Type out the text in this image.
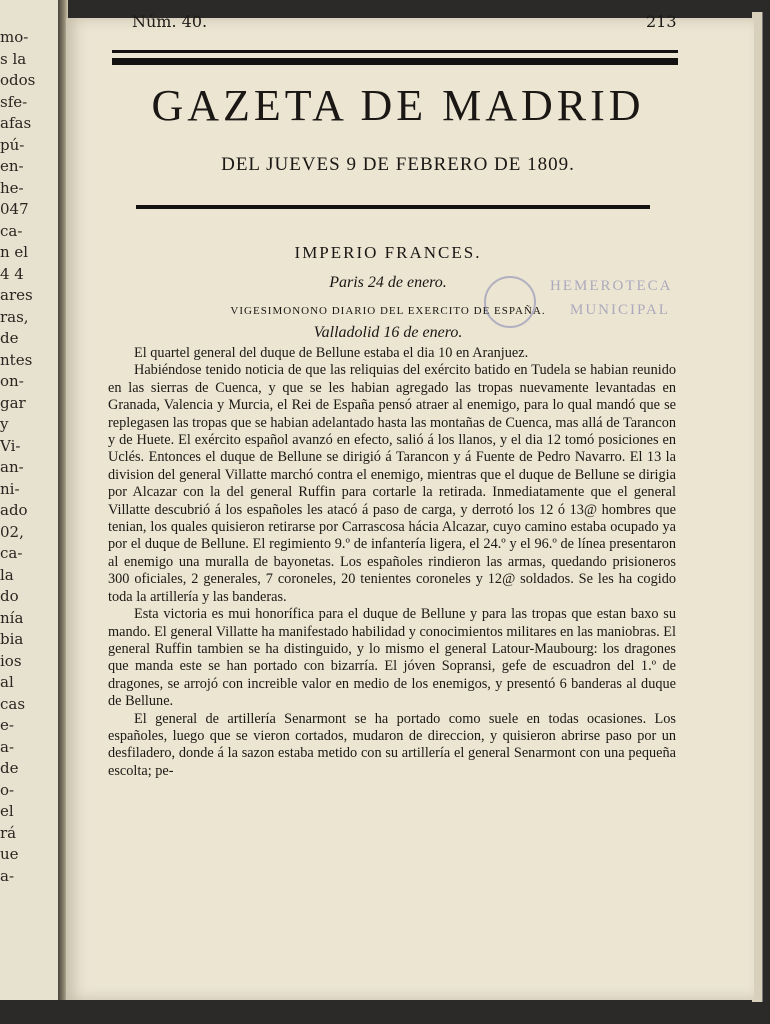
mo-
s la
odos
sfe-
afas
pú-
en-
he-
047
ca-
n el
4 4
ares
ras,
de
ntes
on-
gar
y
Vi-
an-
ni-
ado
02,
ca-
la
do
nía
bia
ios
al
cas
e-
a-
de
o-
el
rá
ue
a-
Núm. 40.	213
GAZETA DE MADRID
DEL JUEVES 9 DE FEBRERO DE 1809.
IMPERIO FRANCES.
Paris 24 de enero.
VIGESIMONONO DIARIO DEL EXERCITO DE ESPAÑA.
Valladolid 16 de enero.
HEMEROTECA
MUNICIPAL

El quartel general del duque de Bellune estaba el dia 10 en Aranjuez.

Habiéndose tenido noticia de que las reliquias del exército batido en Tudela se habian reunido en las sierras de Cuenca, y que se les habian agregado las tropas nuevamente levantadas en Granada, Valencia y Murcia, el Rei de España pensó atraer al enemigo, para lo qual mandó que se replegasen las tropas que se habian adelantado hasta las montañas de Cuenca, mas allá de Tarancon y de Huete. El exército español avanzó en efecto, salió á los llanos, y el dia 12 tomó posiciones en Uclés. Entonces el duque de Bellune se dirigió á Tarancon y á Fuente de Pedro Navarro. El 13 la division del general Villatte marchó contra el enemigo, mientras que el duque de Bellune se dirigia por Alcazar con la del general Ruffin para cortarle la retirada. Inmediatamente que el general Villatte descubrió á los españoles les atacó á paso de carga, y derrotó los 12 ó 13@ hombres que tenian, los quales quisieron retirarse por Carrascosa hácia Alcazar, cuyo camino estaba ocupado ya por el duque de Bellune. El regimiento 9.º de infantería ligera, el 24.º y el 96.º de línea presentaron al enemigo una muralla de bayonetas. Los españoles rindieron las armas, quedando prisioneros 300 oficiales, 2 generales, 7 coroneles, 20 tenientes coroneles y 12@ soldados. Se les ha cogido toda la artillería y las banderas.

Esta victoria es mui honorífica para el duque de Bellune y para las tropas que estan baxo su mando. El general Villatte ha manifestado habilidad y conocimientos militares en las maniobras. El general Ruffin tambien se ha distinguido, y lo mismo el general Latour-Maubourg: los dragones que manda este se han portado con bizarría. El jóven Sopransi, gefe de escuadron del 1.º de dragones, se arrojó con increible valor en medio de los enemigos, y presentó 6 banderas al duque de Bellune.

El general de artillería Senarmont se ha portado como suele en todas ocasiones. Los españoles, luego que se vieron cortados, mudaron de direccion, y quisieron abrirse paso por un desfiladero, donde á la sazon estaba metido con su artillería el general Senarmont con una pequeña escolta; pe-
